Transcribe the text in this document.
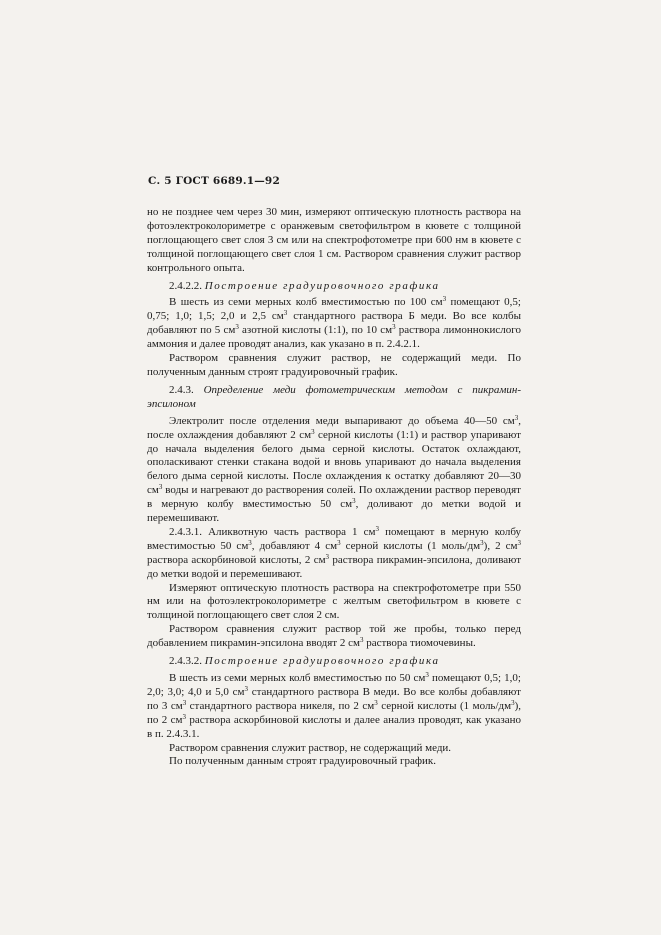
С. 5 ГОСТ 6689.1—92

но не позднее чем через 30 мин, измеряют оптическую плотность раствора на фотоэлектроколориметре с оранжевым светофильтром в кювете с толщиной поглощающего свет слоя 3 см или на спектрофотометре при 600 нм в кювете с толщиной поглощающего свет слоя 1 см. Раствором сравнения служит раствор контрольного опыта.

2.4.2.2. Построение градуировочного графика

В шесть из семи мерных колб вместимостью по 100 $см^3$ помещают 0,5; 0,75; 1,0; 1,5; 2,0 и 2,5 $см^3$ стандартного раствора Б меди. Во все колбы добавляют по 5 $см^3$ азотной кислоты (1:1), по 10 $см^3$ раствора лимоннокислого аммония и далее проводят анализ, как указано в п. 2.4.2.1.

Раствором сравнения служит раствор, не содержащий меди. По полученным данным строят градуировочный график.

2.4.3. Определение меди фотометрическим методом с пикрамин-эпсилоном

Электролит после отделения меди выпаривают до объема 40—50 $см^3$, после охлаждения добавляют 2 $см^3$ серной кислоты (1:1) и раствор упаривают до начала выделения белого дыма серной кислоты. Остаток охлаждают, ополаскивают стенки стакана водой и вновь упаривают до начала выделения белого дыма серной кислоты. После охлаждения к остатку добавляют 20—30 $см^3$ воды и нагревают до растворения солей. По охлаждении раствор переводят в мерную колбу вместимостью 50 $см^3$, доливают до метки водой и перемешивают.

2.4.3.1. Аликвотную часть раствора 1 $см^3$ помещают в мерную колбу вместимостью 50 $см^3$, добавляют 4 $см^3$ серной кислоты (1 моль/$дм^3$), 2 $см^3$ раствора аскорбиновой кислоты, 2 $см^3$ раствора пикрамин-эпсилона, доливают до метки водой и перемешивают.

Измеряют оптическую плотность раствора на спектрофотометре при 550 нм или на фотоэлектроколориметре с желтым светофильтром в кювете с толщиной поглощающего свет слоя 2 см.

Раствором сравнения служит раствор той же пробы, только перед добавлением пикрамин-эпсилона вводят 2 $см^3$ раствора тиомочевины.

2.4.3.2. Построение градуировочного графика

В шесть из семи мерных колб вместимостью по 50 $см^3$ помещают 0,5; 1,0; 2,0; 3,0; 4,0 и 5,0 $см^3$ стандартного раствора В меди. Во все колбы добавляют по 3 $см^3$ стандартного раствора никеля, по 2 $см^3$ серной кислоты (1 моль/$дм^3$), по 2 $см^3$ раствора аскорбиновой кислоты и далее анализ проводят, как указано в п. 2.4.3.1.

Раствором сравнения служит раствор, не содержащий меди.

По полученным данным строят градуировочный график.
